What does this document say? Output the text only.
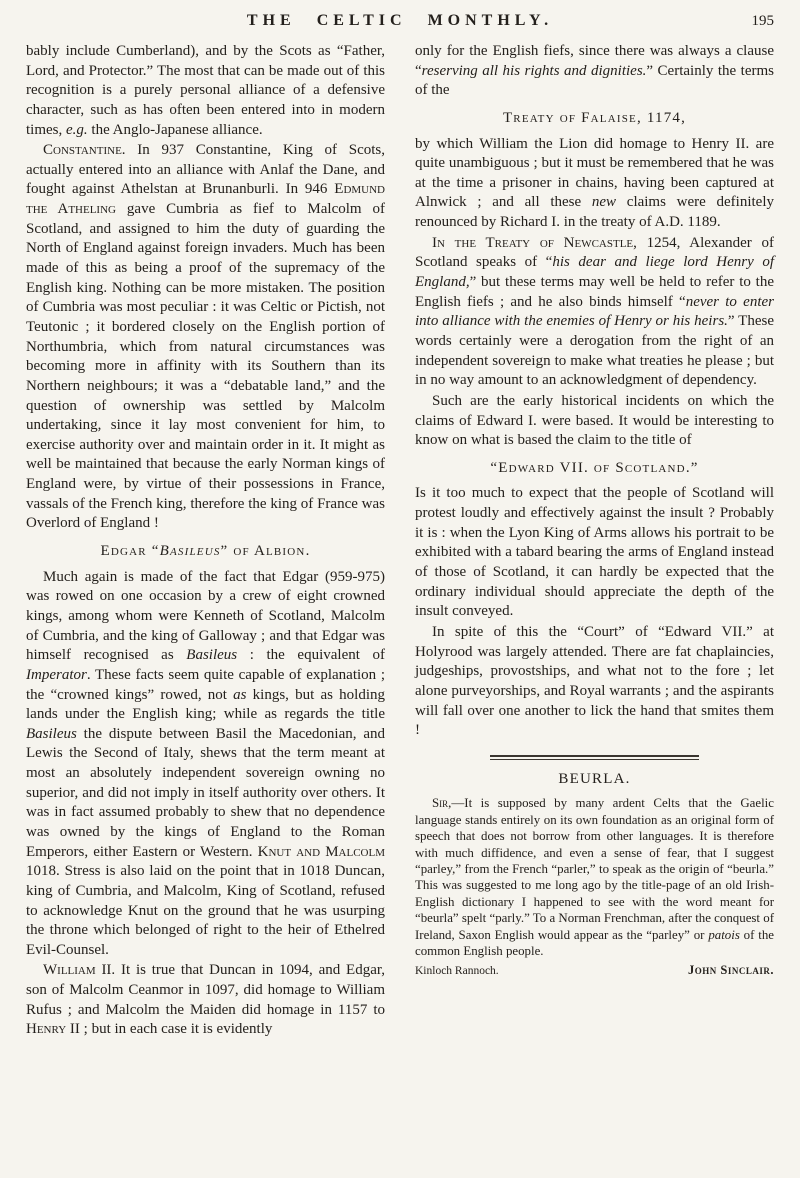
THE CELTIC MONTHLY.	195

bably include Cumberland), and by the Scots as “Father, Lord, and Protector.” The most that can be made out of this recognition is a purely personal alliance of a defensive character, such as has often been entered into in modern times, e.g. the Anglo-Japanese alliance.

Constantine. In 937 Constantine, King of Scots, actually entered into an alliance with Anlaf the Dane, and fought against Athelstan at Brunanburli. In 946 Edmund the Atheling gave Cumbria as fief to Malcolm of Scotland, and assigned to him the duty of guarding the North of England against foreign invaders. Much has been made of this as being a proof of the supremacy of the English king. Nothing can be more mistaken. The position of Cumbria was most peculiar : it was Celtic or Pictish, not Teutonic ; it bordered closely on the English portion of Northumbria, which from natural circumstances was becoming more in affinity with its Southern than its Northern neighbours; it was a “debatable land,” and the question of ownership was settled by Malcolm undertaking, since it lay most convenient for him, to exercise authority over and maintain order in it. It might as well be maintained that because the early Norman kings of England were, by virtue of their possessions in France, vassals of the French king, therefore the king of France was Overlord of England !

Edgar “Basileus” of Albion.

Much again is made of the fact that Edgar (959-975) was rowed on one occasion by a crew of eight crowned kings, among whom were Kenneth of Scotland, Malcolm of Cumbria, and the king of Galloway ; and that Edgar was himself recognised as Basileus : the equivalent of Imperator. These facts seem quite capable of explanation ; the “crowned kings” rowed, not as kings, but as holding lands under the English king; while as regards the title Basileus the dispute between Basil the Macedonian, and Lewis the Second of Italy, shews that the term meant at most an absolutely independent sovereign owning no superior, and did not imply in itself authority over others. It was in fact assumed probably to shew that no dependence was owned by the kings of England to the Roman Emperors, either Eastern or Western. Knut and Malcolm 1018. Stress is also laid on the point that in 1018 Duncan, king of Cumbria, and Malcolm, King of Scotland, refused to acknowledge Knut on the ground that he was usurping the throne which belonged of right to the heir of Ethelred Evil-Counsel.

William II. It is true that Duncan in 1094, and Edgar, son of Malcolm Ceanmor in 1097, did homage to William Rufus ; and Malcolm the Maiden did homage in 1157 to Henry II ; but in each case it is evidently

only for the English fiefs, since there was always a clause “reserving all his rights and dignities.” Certainly the terms of the

Treaty of Falaise, 1174,

by which William the Lion did homage to Henry II. are quite unambiguous ; but it must be remembered that he was at the time a prisoner in chains, having been captured at Alnwick ; and all these new claims were definitely renounced by Richard I. in the treaty of A.D. 1189.

In the Treaty of Newcastle, 1254, Alexander of Scotland speaks of “his dear and liege lord Henry of England,” but these terms may well be held to refer to the English fiefs ; and he also binds himself “never to enter into alliance with the enemies of Henry or his heirs.” These words certainly were a derogation from the right of an independent sovereign to make what treaties he please ; but in no way amount to an acknowledgment of dependency.

Such are the early historical incidents on which the claims of Edward I. were based. It would be interesting to know on what is based the claim to the title of

“Edward VII. of Scotland.”

Is it too much to expect that the people of Scotland will protest loudly and effectively against the insult ? Probably it is : when the Lyon King of Arms allows his portrait to be exhibited with a tabard bearing the arms of England instead of those of Scotland, it can hardly be expected that the ordinary individual should appreciate the depth of the insult conveyed.

In spite of this the “Court” of “Edward VII.” at Holyrood was largely attended. There are fat chaplaincies, judgeships, provostships, and what not to the fore ; let alone purveyorships, and Royal warrants ; and the aspirants will fall over one another to lick the hand that smites them !

BEURLA.

Sir,—It is supposed by many ardent Celts that the Gaelic language stands entirely on its own foundation as an original form of speech that does not borrow from other languages. It is therefore with much diffidence, and even a sense of fear, that I suggest “parley,” from the French “parler,” to speak as the origin of “beurla.” This was suggested to me long ago by the title-page of an old Irish-English dictionary I happened to see with the word meant for “beurla” spelt “parly.” To a Norman Frenchman, after the conquest of Ireland, Saxon English would appear as the “parley” or patois of the common English people.

Kinloch Rannoch.	John Sinclair.
